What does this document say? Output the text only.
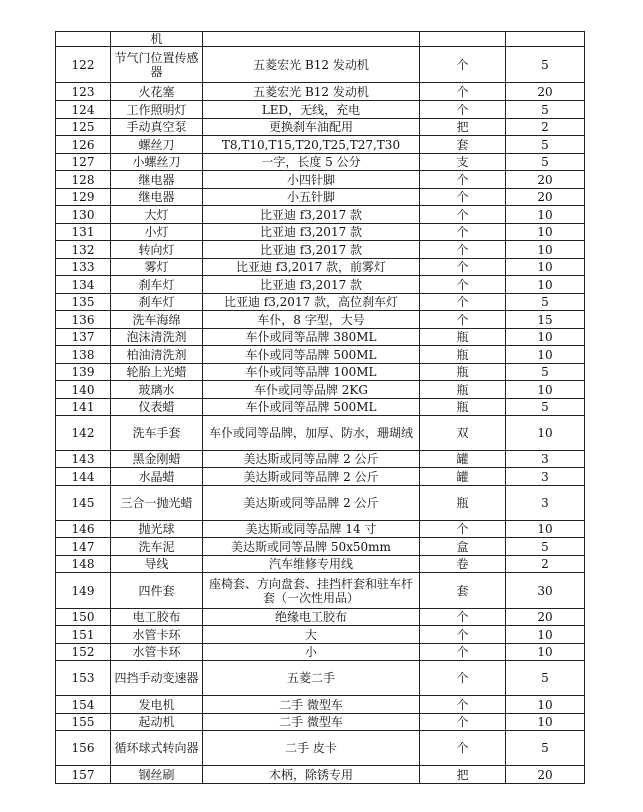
	机			
122	节气门位置传感器	五菱宏光 B12 发动机	个	5
123	火花塞	五菱宏光 B12 发动机	个	20
124	工作照明灯	LED，无线，充电	个	5
125	手动真空泵	更换刹车油配用	把	2
126	螺丝刀	T8,T10,T15,T20,T25,T27,T30	套	5
127	小螺丝刀	一字，长度 5 公分	支	5
128	继电器	小四针脚	个	20
129	继电器	小五针脚	个	20
130	大灯	比亚迪 f3,2017 款	个	10
131	小灯	比亚迪 f3,2017 款	个	10
132	转向灯	比亚迪 f3,2017 款	个	10
133	雾灯	比亚迪 f3,2017 款，前雾灯	个	10
134	刹车灯	比亚迪 f3,2017 款	个	10
135	刹车灯	比亚迪 f3,2017 款，高位刹车灯	个	5
136	洗车海绵	车仆，8 字型，大号	个	15
137	泡沫清洗剂	车仆或同等品牌 380ML	瓶	10
138	柏油清洗剂	车仆或同等品牌 500ML	瓶	10
139	轮胎上光蜡	车仆或同等品牌 100ML	瓶	5
140	玻璃水	车仆或同等品牌 2KG	瓶	10
141	仪表蜡	车仆或同等品牌 500ML	瓶	5
142	洗车手套	车仆或同等品牌，加厚、防水，珊瑚绒	双	10
143	黑金刚蜡	美达斯或同等品牌 2 公斤	罐	3
144	水晶蜡	美达斯或同等品牌 2 公斤	罐	3
145	三合一抛光蜡	美达斯或同等品牌 2 公斤	瓶	3
146	抛光球	美达斯或同等品牌 14 寸	个	10
147	洗车泥	美达斯或同等品牌 50x50mm	盒	5
148	导线	汽车维修专用线	卷	2
149	四件套	座椅套、方向盘套、挂挡杆套和驻车杆套（一次性用品）	套	30
150	电工胶布	绝缘电工胶布	个	20
151	水管卡环	大	个	10
152	水管卡环	小	个	10
153	四挡手动变速器	五菱二手	个	5
154	发电机	二手 微型车	个	10
155	起动机	二手 微型车	个	10
156	循环球式转向器	二手 皮卡	个	5
157	钢丝刷	木柄，除锈专用	把	20
